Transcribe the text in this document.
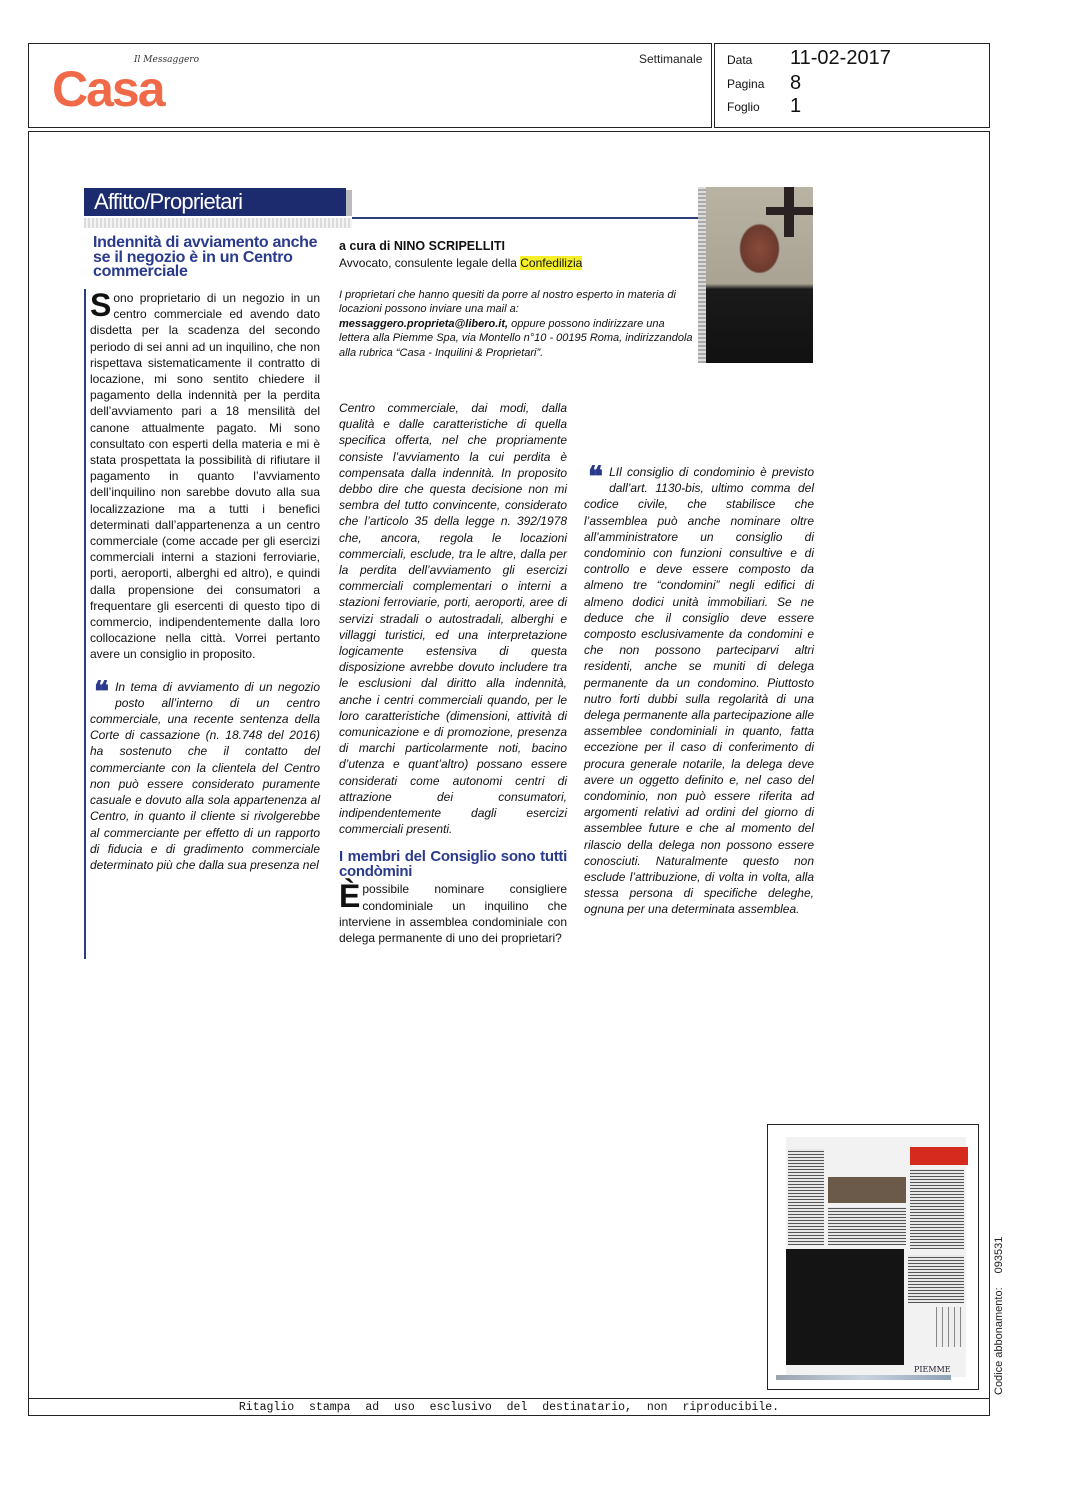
Il Messaggero
Casa
Settimanale Data 11-02-2017
Pagina 8
Foglio 1
Affitto/Proprietari
Indennità di avviamento anche se il negozio è in un Centro commerciale
a cura di NINO SCRIPELLITI
Avvocato, consulente legale della Confedilizia
I proprietari che hanno quesiti da porre al nostro esperto in materia di locazioni possono inviare una mail a:
messaggero.proprieta@libero.it, oppure possono indirizzare una lettera alla Piemme Spa, via Montello n°10 - 00195 Roma, indirizzandola alla rubrica “Casa - Inquilini & Proprietari”.

Sono proprietario di un negozio in un centro commerciale ed avendo dato disdetta per la scadenza del secondo periodo di sei anni ad un inquilino, che non rispettava sistematicamente il contratto di locazione, mi sono sentito chiedere il pagamento della indennità per la perdita dell’avviamento pari a 18 mensilità del canone attualmente pagato. Mi sono consultato con esperti della materia e mi è stata prospettata la possibilità di rifiutare il pagamento in quanto l’avviamento dell’inquilino non sarebbe dovuto alla sua localizzazione ma a tutti i benefici determinati dall’appartenenza a un centro commerciale (come accade per gli esercizi commerciali interni a stazioni ferroviarie, porti, aeroporti, alberghi ed altro), e quindi dalla propensione dei consumatori a frequentare gli esercenti di questo tipo di commercio, indipendentemente dalla loro collocazione nella città. Vorrei pertanto avere un consiglio in proposito.

❝ In tema di avviamento di un negozio posto all’interno di un centro commerciale, una recente sentenza della Corte di cassazione (n. 18.748 del 2016) ha sostenuto che il contatto del commerciante con la clientela del Centro non può essere considerato puramente casuale e dovuto alla sola appartenenza al Centro, in quanto il cliente si rivolgerebbe al commerciante per effetto di un rapporto di fiducia e di gradimento commerciale determinato più che dalla sua presenza nel

Centro commerciale, dai modi, dalla qualità e dalle caratteristiche di quella specifica offerta, nel che propriamente consiste l’avviamento la cui perdita è compensata dalla indennità. In proposito debbo dire che questa decisione non mi sembra del tutto convincente, considerato che l’articolo 35 della legge n. 392/1978 che, ancora, regola le locazioni commerciali, esclude, tra le altre, dalla per la perdita dell’avviamento gli esercizi commerciali complementari o interni a stazioni ferroviarie, porti, aeroporti, aree di servizi stradali o autostradali, alberghi e villaggi turistici, ed una interpretazione logicamente estensiva di questa disposizione avrebbe dovuto includere tra le esclusioni dal diritto alla indennità, anche i centri commerciali quando, per le loro caratteristiche (dimensioni, attività di comunicazione e di promozione, presenza di marchi particolarmente noti, bacino d’utenza e quant’altro) possano essere considerati come autonomi centri di attrazione dei consumatori, indipendentemente dagli esercizi commerciali presenti.

I membri del Consiglio sono tutti condòmini

Èpossibile nominare consigliere condominiale un inquilino che interviene in assemblea condominiale con delega permanente di uno dei proprietari?

❝ LIl consiglio di condominio è previsto dall’art. 1130-bis, ultimo comma del codice civile, che stabilisce che l’assemblea può anche nominare oltre all’amministratore un consiglio di condominio con funzioni consultive e di controllo e deve essere composto da almeno tre “condomini” negli edifici di almeno dodici unità immobiliari. Se ne deduce che il consiglio deve essere composto esclusivamente da condomini e che non possono parteciparvi altri residenti, anche se muniti di delega permanente da un condomino. Piuttosto nutro forti dubbi sulla regolarità di una delega permanente alla partecipazione alle assemblee condominiali in quanto, fatta eccezione per il caso di conferimento di procura generale notarile, la delega deve avere un oggetto definito e, nel caso del condominio, non può essere riferita ad argomenti relativi ad ordini del giorno di assemblee future e che al momento del rilascio della delega non possono essere conosciuti. Naturalmente questo non esclude l’attribuzione, di volta in volta, alla stessa persona di specifiche deleghe, ognuna per una determinata assemblea.

PIEMME
Ritaglio stampa ad uso esclusivo del destinatario, non riproducibile.
Codice abbonamento:093531
